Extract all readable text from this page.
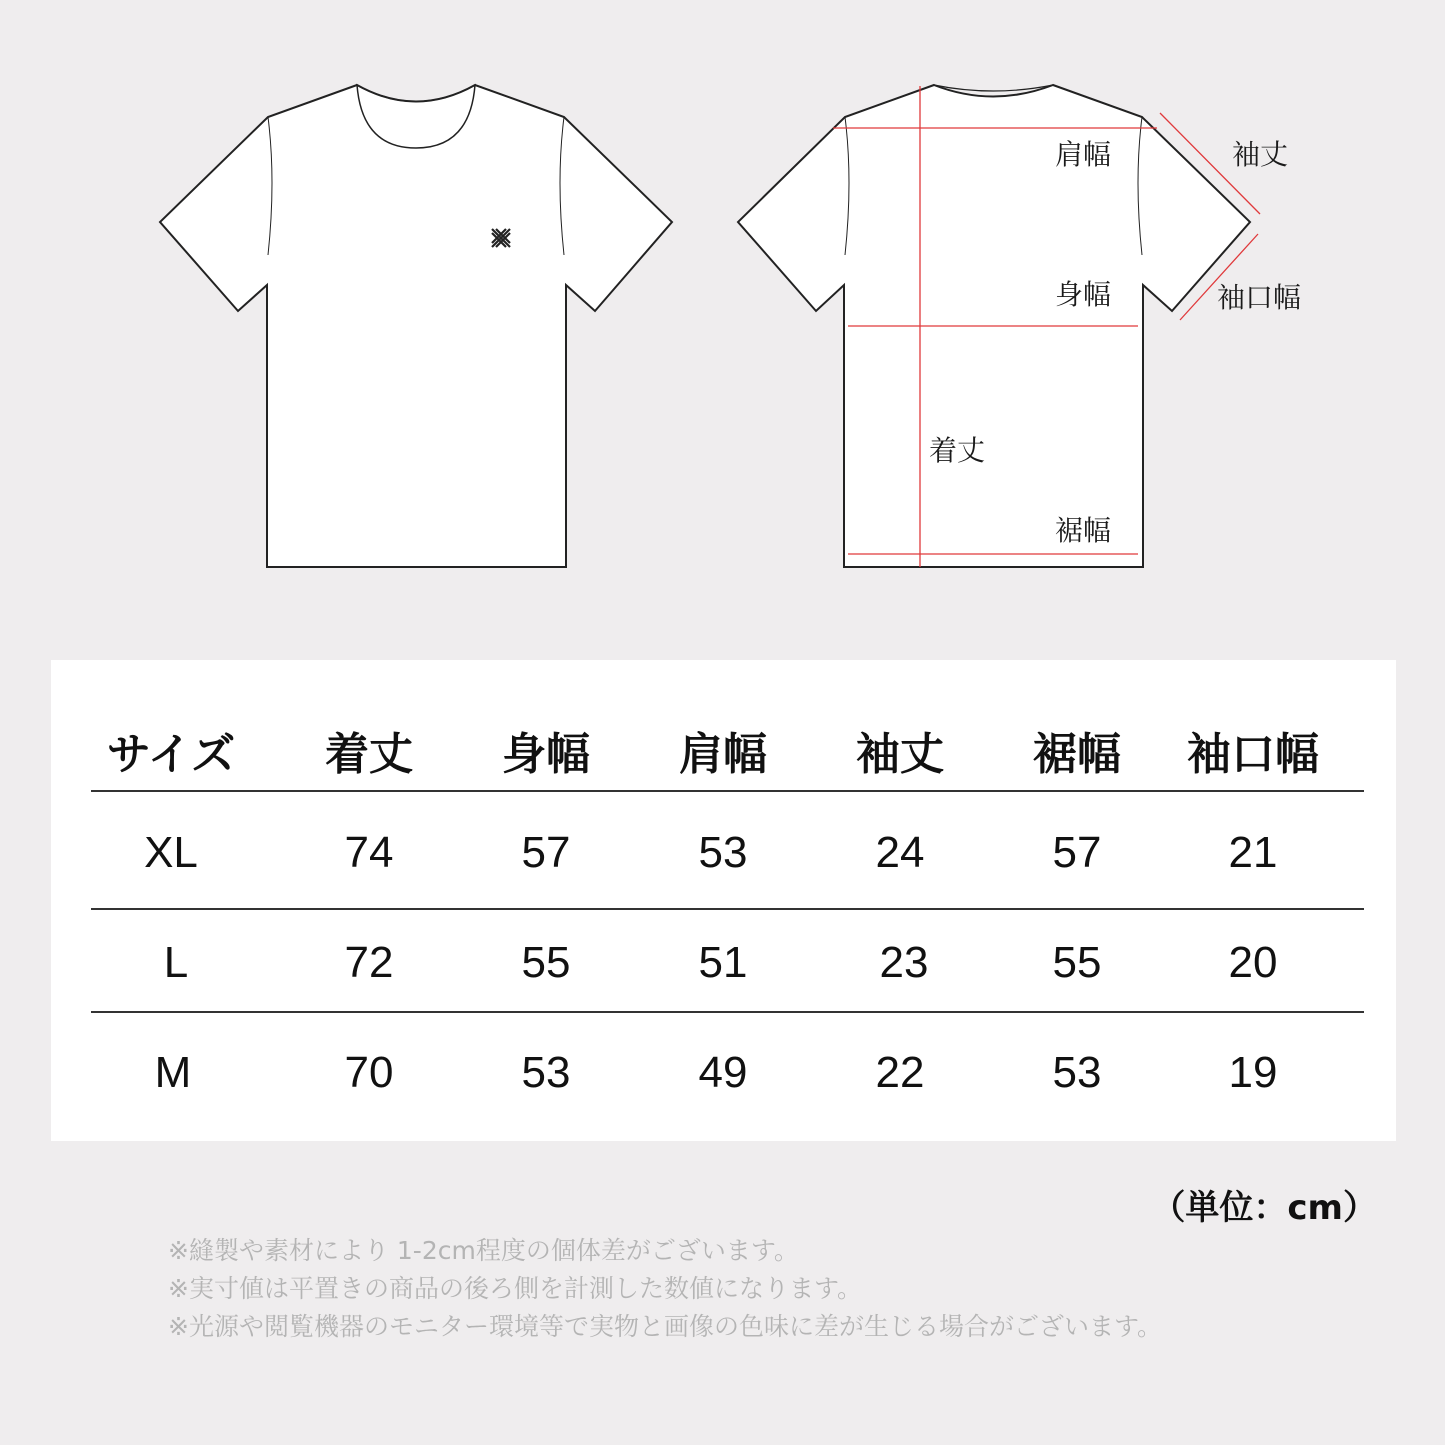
肩幅	袖丈
身幅	袖口幅
着丈
裾幅
サイズ	着丈	身幅	肩幅	袖丈	裾幅	袖口幅
XL	74	57	53	24	57	21
L	72	55	51	23	55	20
M	70	53	49	22	53	19
（単位：cm）
※縫製や素材により 1-2cm程度の個体差がございます。
※実寸値は平置きの商品の後ろ側を計測した数値になります。
※光源や閲覧機器のモニター環境等で実物と画像の色味に差が生じる場合がございます。
